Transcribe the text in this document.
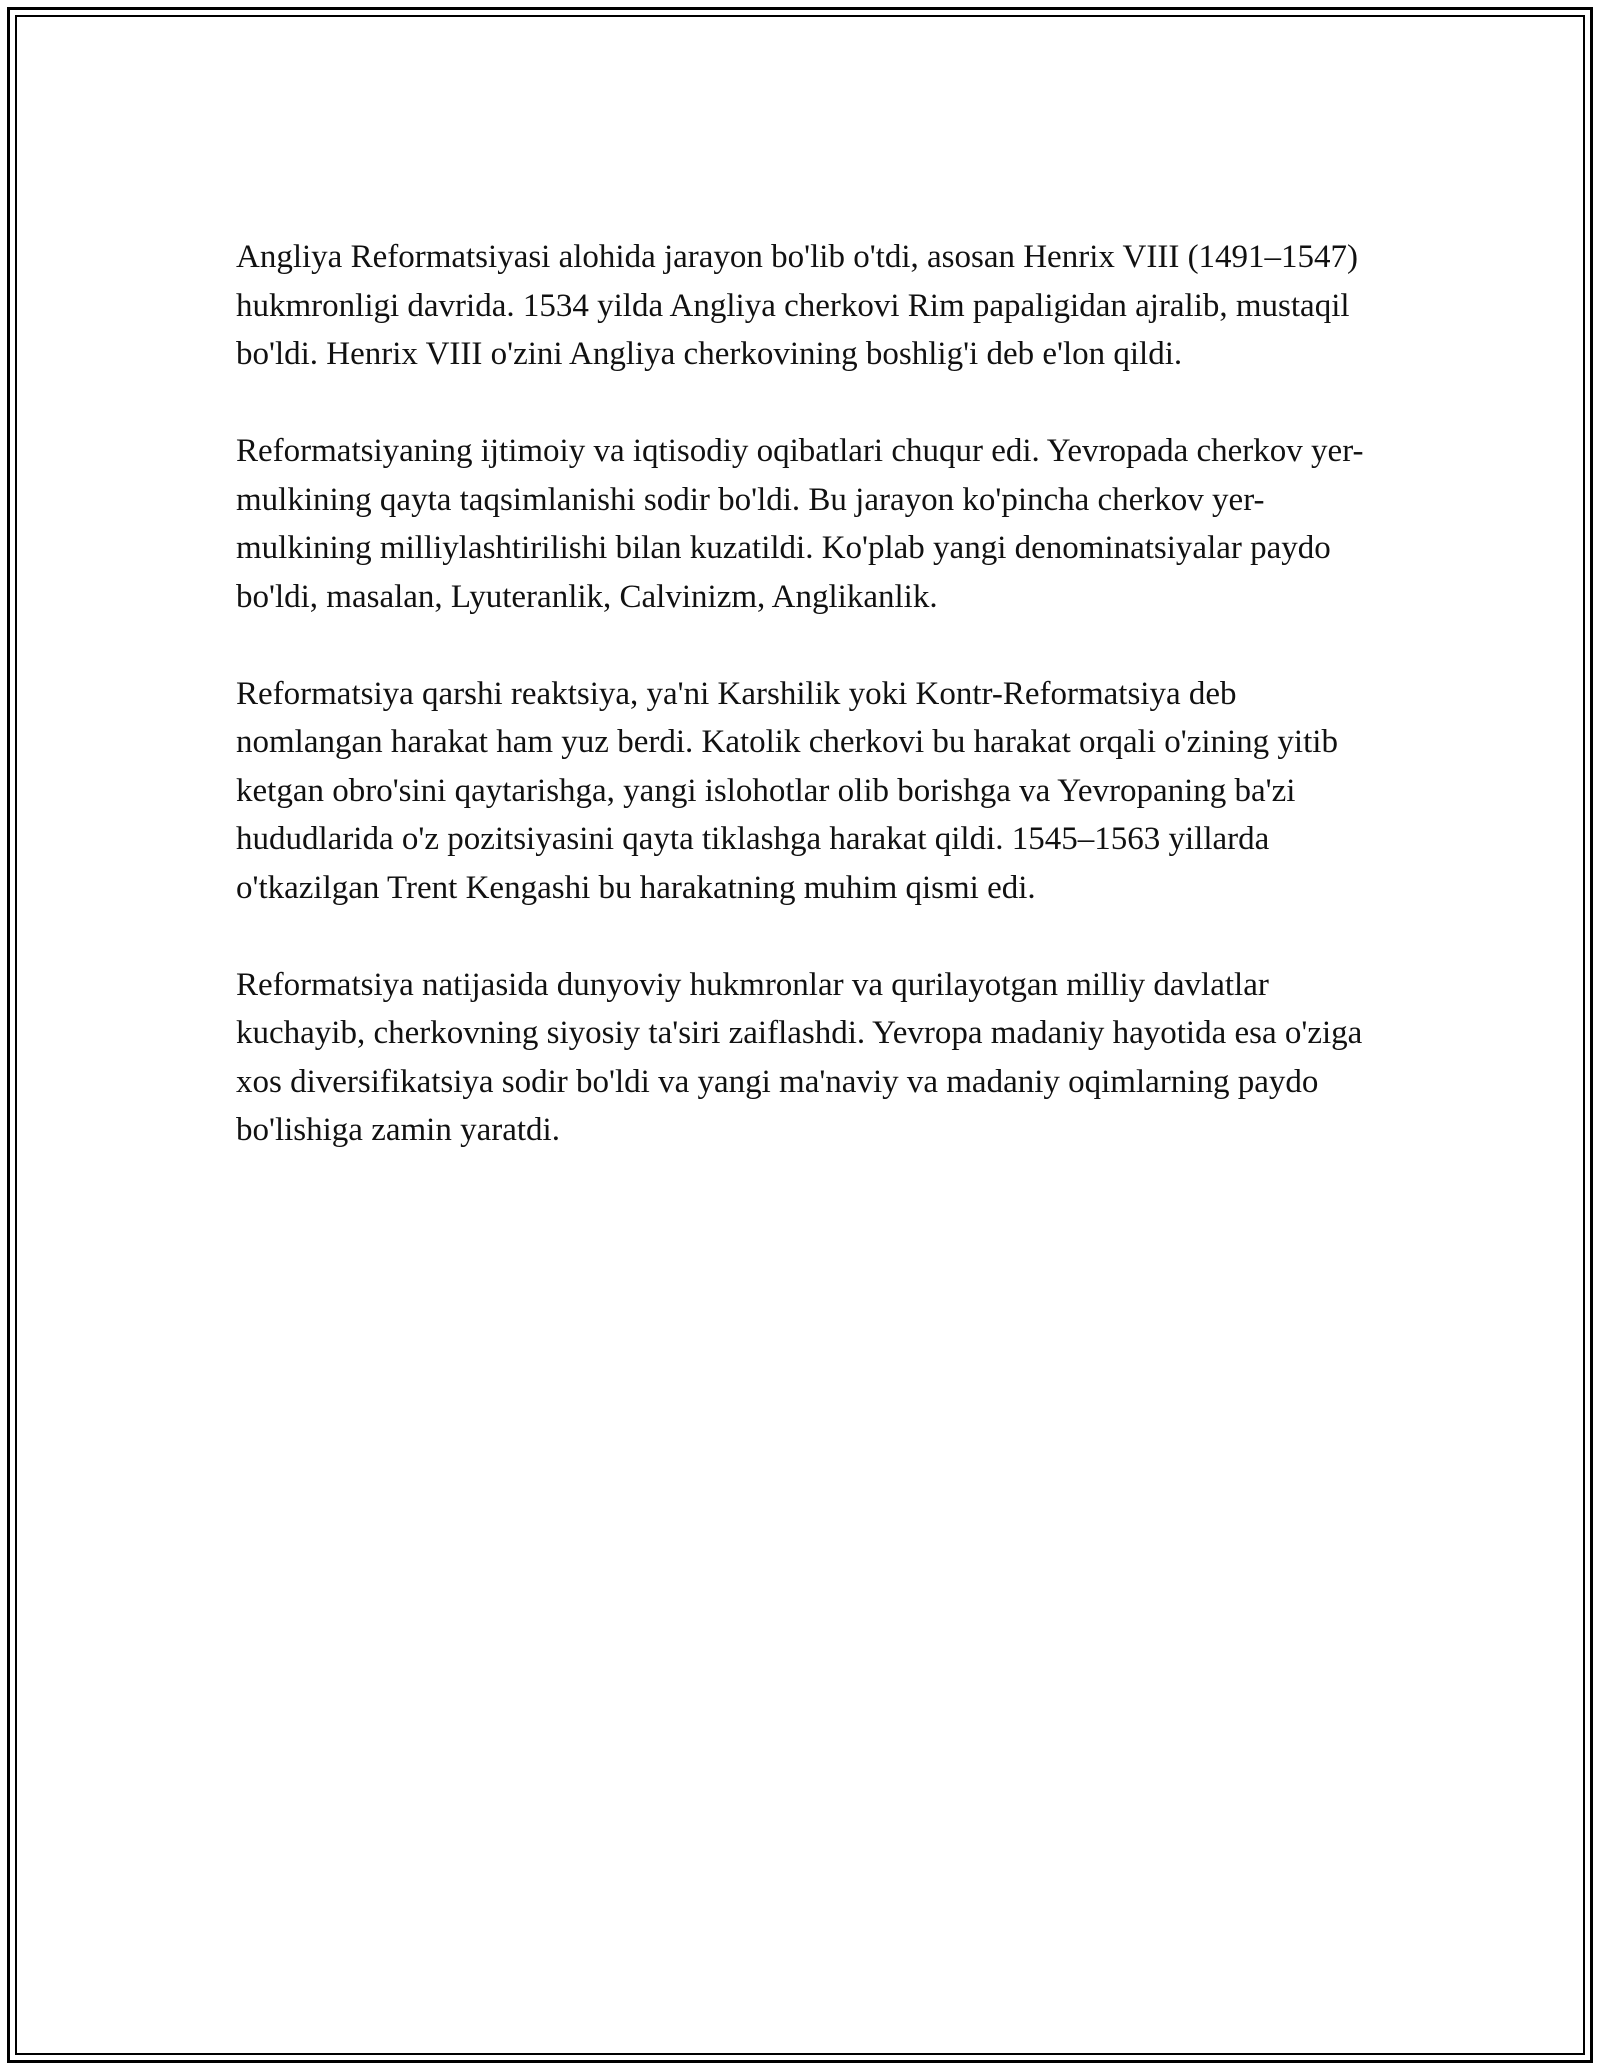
Angliya Reformatsiyasi alohida jarayon bo'lib o'tdi, asosan Henrix VIII (1491–1547) hukmronligi davrida. 1534 yilda Angliya cherkovi Rim papaligidan ajralib, mustaqil bo'ldi. Henrix VIII o'zini Angliya cherkovining boshlig'i deb e'lon qildi.

Reformatsiyaning ijtimoiy va iqtisodiy oqibatlari chuqur edi. Yevropada cherkov yer-mulkining qayta taqsimlanishi sodir bo'ldi. Bu jarayon ko'pincha cherkov yer-mulkining milliylashtirilishi bilan kuzatildi. Ko'plab yangi denominatsiyalar paydo bo'ldi, masalan, Lyuteranlik, Calvinizm, Anglikanlik.

Reformatsiya qarshi reaktsiya, ya'ni Karshilik yoki Kontr-Reformatsiya deb nomlangan harakat ham yuz berdi. Katolik cherkovi bu harakat orqali o'zining yitib ketgan obro'sini qaytarishga, yangi islohotlar olib borishga va Yevropaning ba'zi hududlarida o'z pozitsiyasini qayta tiklashga harakat qildi. 1545–1563 yillarda o'tkazilgan Trent Kengashi bu harakatning muhim qismi edi.

Reformatsiya natijasida dunyoviy hukmronlar va qurilayotgan milliy davlatlar kuchayib, cherkovning siyosiy ta'siri zaiflashdi. Yevropa madaniy hayotida esa o'ziga xos diversifikatsiya sodir bo'ldi va yangi ma'naviy va madaniy oqimlarning paydo bo'lishiga zamin yaratdi.
